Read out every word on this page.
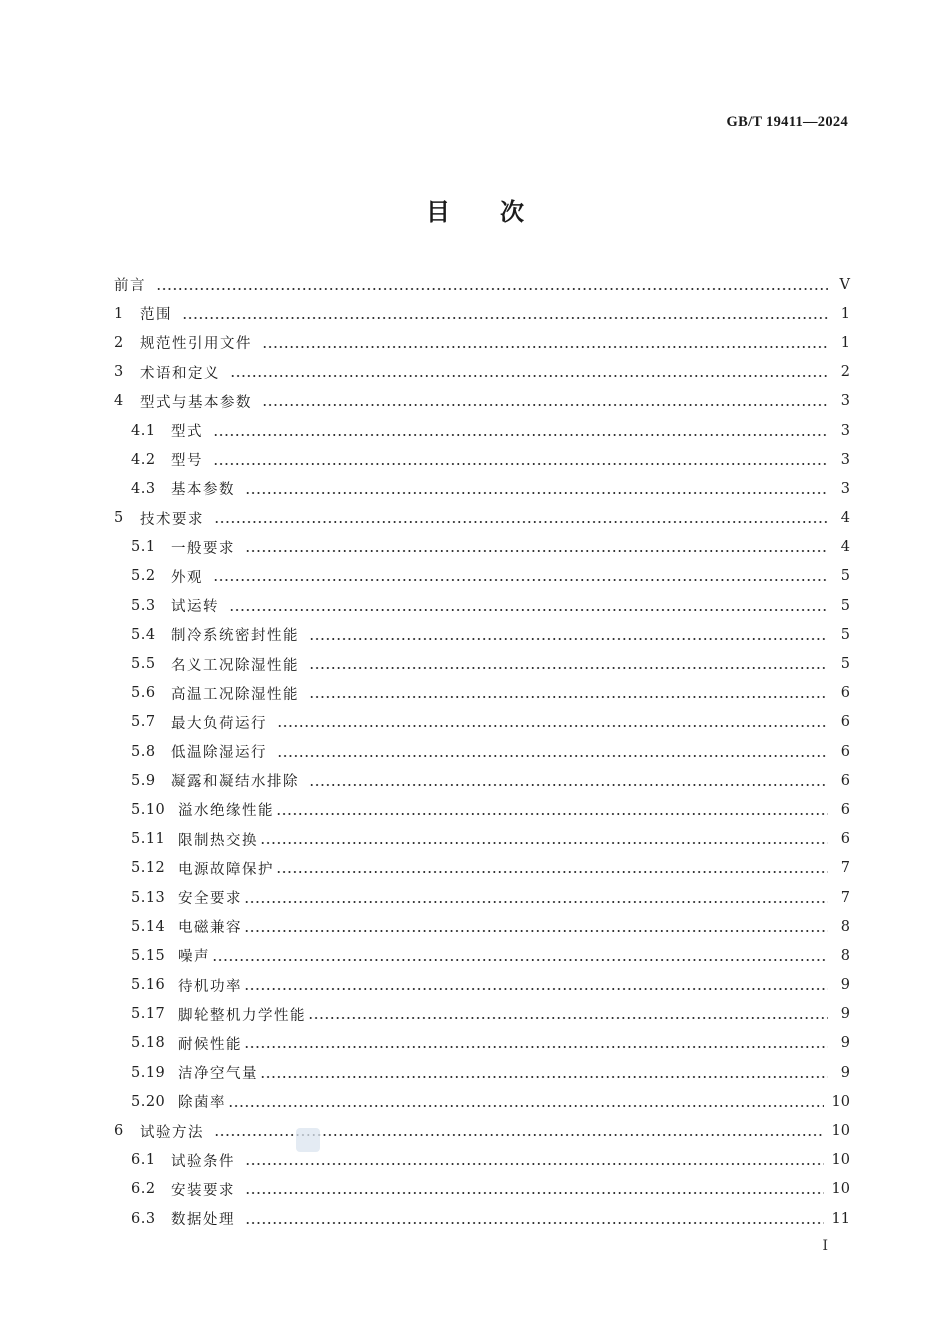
GB/T 19411—2024
目 次
前言	V
1	范围	1
2	规范性引用文件	1
3	术语和定义	2
4	型式与基本参数	3
4.1	型式	3
4.2	型号	3
4.3	基本参数	3
5	技术要求	4
5.1	一般要求	4
5.2	外观	5
5.3	试运转	5
5.4	制冷系统密封性能	5
5.5	名义工况除湿性能	5
5.6	高温工况除湿性能	6
5.7	最大负荷运行	6
5.8	低温除湿运行	6
5.9	凝露和凝结水排除	6
5.10 溢水绝缘性能	6
5.11 限制热交换	6
5.12 电源故障保护	7
5.13 安全要求	7
5.14 电磁兼容	8
5.15 噪声	8
5.16 待机功率	9
5.17 脚轮整机力学性能	9
5.18 耐候性能	9
5.19 洁净空气量	9
5.20 除菌率	10
6	试验方法	10
6.1	试验条件	10
6.2	安装要求	10
6.3	数据处理	11
I
